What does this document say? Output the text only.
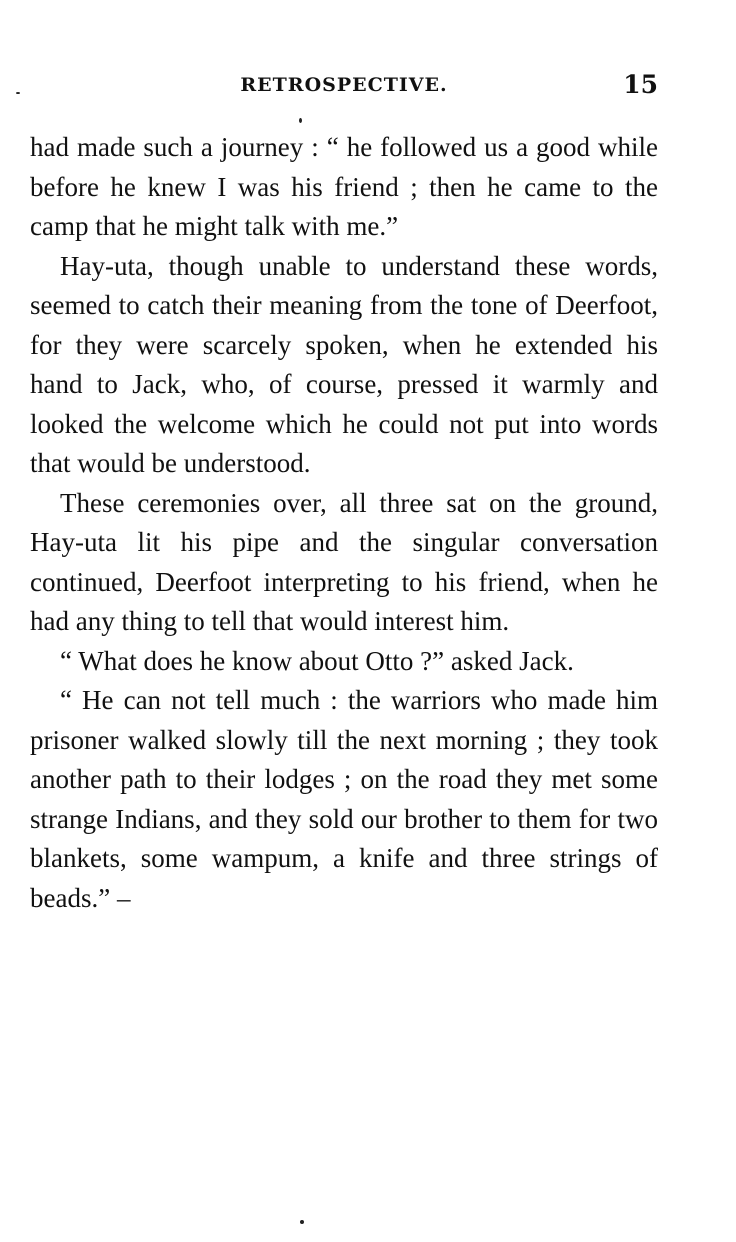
RETROSPECTIVE.	15

had made such a journey : “ he followed us a good while before he knew I was his friend ; then he came to the camp that he might talk with me.”

Hay-uta, though unable to understand these words, seemed to catch their meaning from the tone of Deerfoot, for they were scarcely spoken, when he extended his hand to Jack, who, of course, pressed it warmly and looked the welcome which he could not put into words that would be understood.

These ceremonies over, all three sat on the ground, Hay-uta lit his pipe and the singular conversation continued, Deerfoot interpreting to his friend, when he had any thing to tell that would interest him.

“ What does he know about Otto ?” asked Jack.

“ He can not tell much : the warriors who made him prisoner walked slowly till the next morning ; they took another path to their lodges ; on the road they met some strange Indians, and they sold our brother to them for two blankets, some wampum, a knife and three strings of beads.” –
